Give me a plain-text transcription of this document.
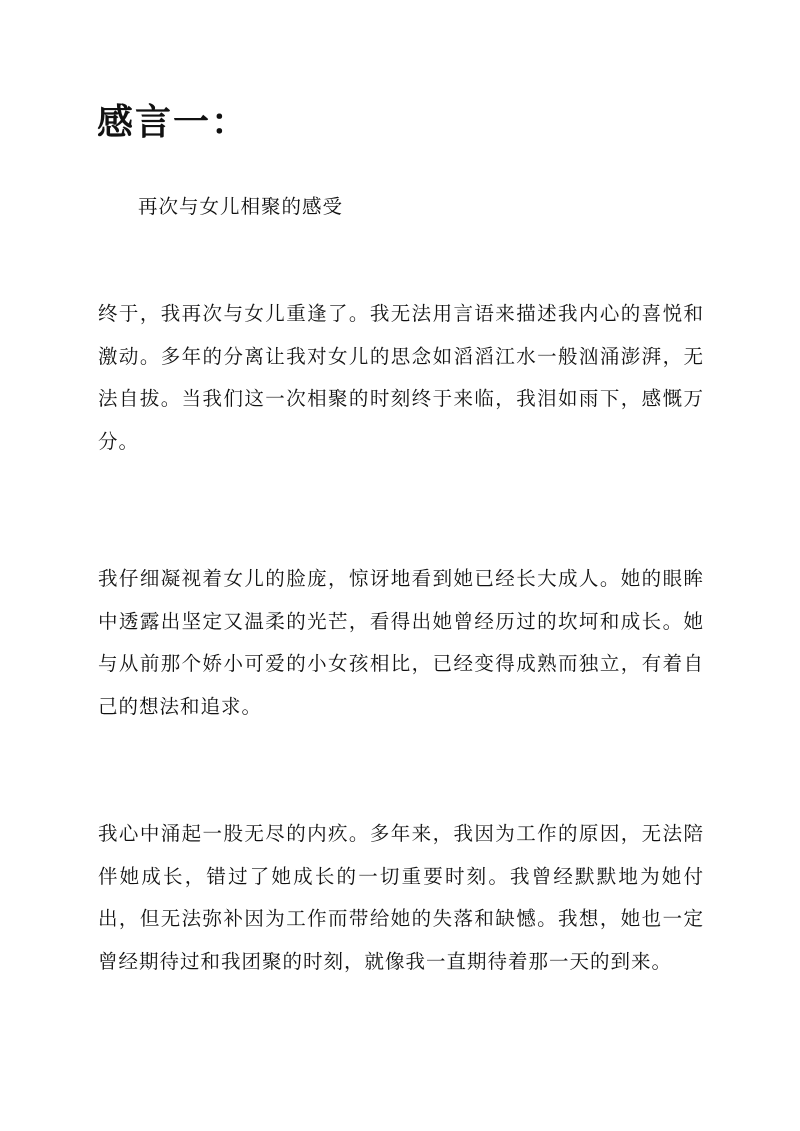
感言一：

再次与女儿相聚的感受

终于，我再次与女儿重逢了。我无法用言语来描述我内心的喜悦和激动。多年的分离让我对女儿的思念如滔滔江水一般汹涌澎湃，无法自拔。当我们这一次相聚的时刻终于来临，我泪如雨下，感慨万分。

我仔细凝视着女儿的脸庞，惊讶地看到她已经长大成人。她的眼眸中透露出坚定又温柔的光芒，看得出她曾经历过的坎坷和成长。她与从前那个娇小可爱的小女孩相比，已经变得成熟而独立，有着自己的想法和追求。

我心中涌起一股无尽的内疚。多年来，我因为工作的原因，无法陪伴她成长，错过了她成长的一切重要时刻。我曾经默默地为她付出，但无法弥补因为工作而带给她的失落和缺憾。我想，她也一定曾经期待过和我团聚的时刻，就像我一直期待着那一天的到来。
